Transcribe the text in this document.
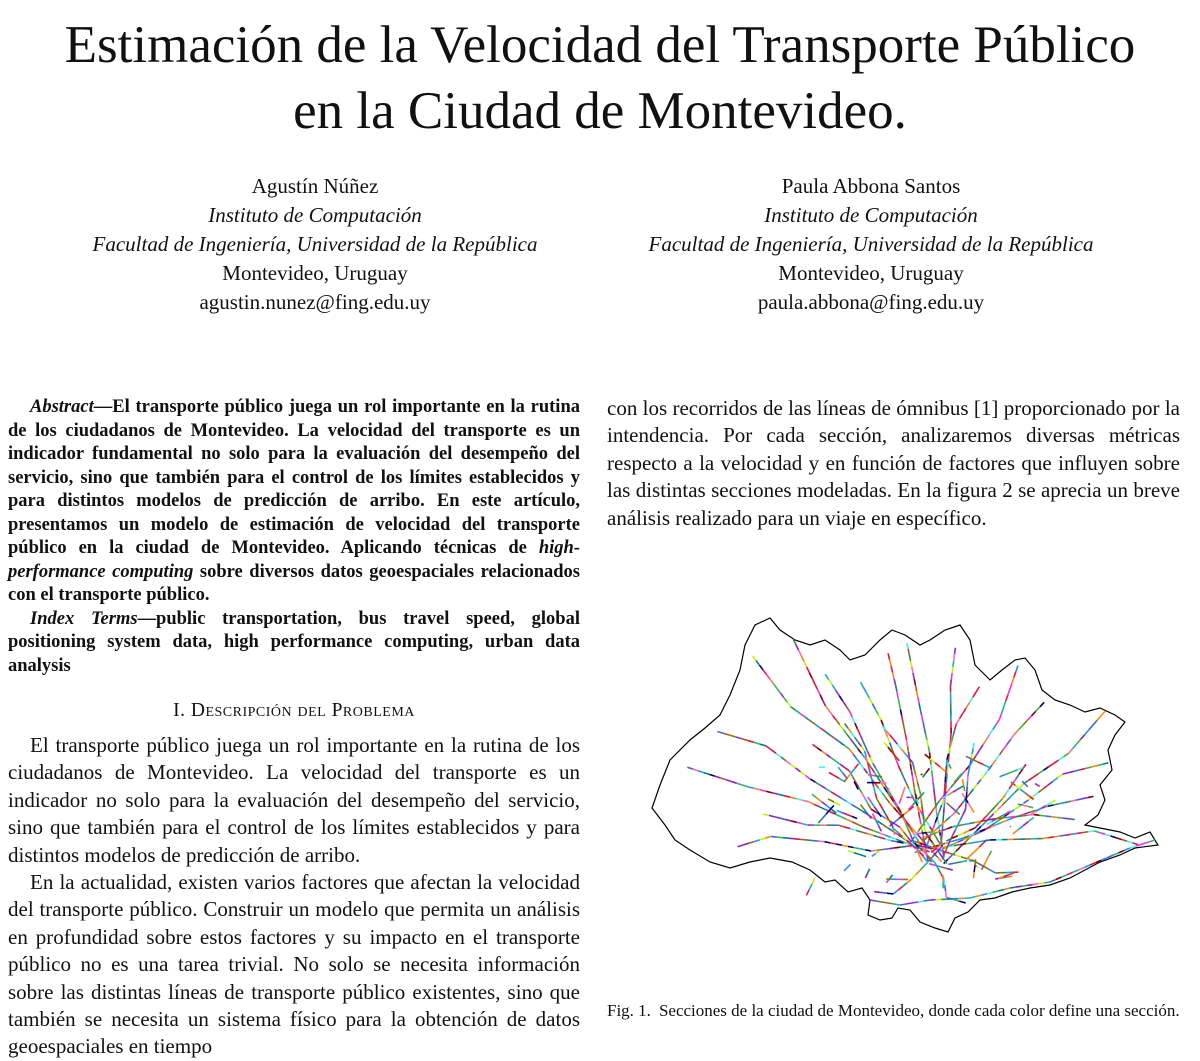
Estimación de la Velocidad del Transporte Público
en la Ciudad de Montevideo.
Agustín Núñez
Instituto de Computación
Facultad de Ingeniería, Universidad de la República
Montevideo, Uruguay
agustin.nunez@fing.edu.uy
Paula Abbona Santos
Instituto de Computación
Facultad de Ingeniería, Universidad de la República
Montevideo, Uruguay
paula.abbona@fing.edu.uy

Abstract—El transporte público juega un rol importante en la rutina de los ciudadanos de Montevideo. La velocidad del transporte es un indicador fundamental no solo para la evaluación del desempeño del servicio, sino que también para el control de los límites establecidos y para distintos modelos de predicción de arribo. En este artículo, presentamos un modelo de estimación de velocidad del transporte público en la ciudad de Montevideo. Aplicando técnicas de high-performance computing sobre diversos datos geoespaciales relacionados con el transporte público.

Index Terms—public transportation, bus travel speed, global positioning system data, high performance computing, urban data analysis

I. Descripción del Problema

El transporte público juega un rol importante en la rutina de los ciudadanos de Montevideo. La velocidad del transporte es un indicador no solo para la evaluación del desempeño del servicio, sino que también para el control de los límites establecidos y para distintos modelos de predicción de arribo.

En la actualidad, existen varios factores que afectan la velocidad del transporte público. Construir un modelo que permita un análisis en profundidad sobre estos factores y su impacto en el transporte público no es una tarea trivial. No solo se necesita información sobre las distintas líneas de transporte público existentes, sino que también se necesita un sistema físico para la obtención de datos geoespaciales en tiempo

con los recorridos de las líneas de ómnibus [1] proporcionado por la intendencia. Por cada sección, analizaremos diversas métricas respecto a la velocidad y en función de factores que influyen sobre las distintas secciones modeladas. En la figura 2 se aprecia un breve análisis realizado para un viaje en específico.

Fig. 1. Secciones de la ciudad de Montevideo, donde cada color define una sección.
